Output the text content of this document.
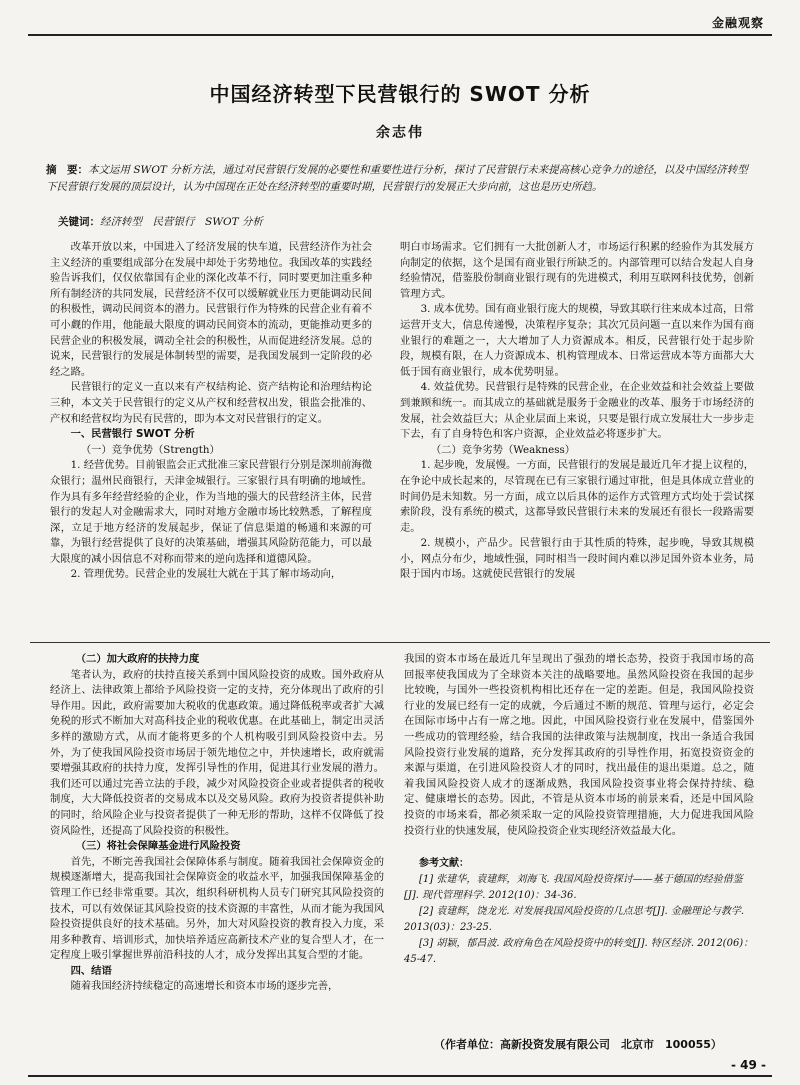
金融观察
中国经济转型下民营银行的 SWOT 分析
余志伟
摘　要：本文运用 SWOT 分析方法，通过对民营银行发展的必要性和重要性进行分析，探讨了民营银行未来提高核心竞争力的途径，以及中国经济转型下民营银行发展的顶层设计，认为中国现在正处在经济转型的重要时期，民营银行的发展正大步向前，这也是历史所趋。
关键词：经济转型　民营银行　SWOT 分析

改革开放以来，中国进入了经济发展的快车道，民营经济作为社会主义经济的重要组成部分在发展中却处于劣势地位。我国改革的实践经验告诉我们，仅仅依靠国有企业的深化改革不行，同时要更加注重多种所有制经济的共同发展，民营经济不仅可以缓解就业压力更能调动民间的积极性，调动民间资本的潜力。民营银行作为特殊的民营企业有着不可小觑的作用，他能最大限度的调动民间资本的流动，更能推动更多的民营企业的积极发展，调动全社会的积极性，从而促进经济发展。总的说来，民营银行的发展是体制转型的需要，是我国发展到一定阶段的必经之路。

民营银行的定义一直以来有产权结构论、资产结构论和治理结构论三种，本文关于民营银行的定义从产权和经营权出发，银监会批准的、产权和经营权均为民有民营的，即为本文对民营银行的定义。

一、民营银行 SWOT 分析
（一）竞争优势（Strength）

1. 经营优势。目前银监会正式批准三家民营银行分别是深圳前海微众银行；温州民商银行，天津金城银行。三家银行具有明确的地域性。作为具有多年经营经验的企业，作为当地的强大的民营经济主体，民营银行的发起人对金融需求大，同时对地方金融市场比较熟悉，了解程度深，立足于地方经济的发展起步，保证了信息渠道的畅通和来源的可靠，为银行经营提供了良好的决策基础，增强其风险防范能力，可以最大限度的减小因信息不对称而带来的逆向选择和道德风险。

2. 管理优势。民营企业的发展壮大就在于其了解市场动向，

明白市场需求。它们拥有一大批创新人才，市场运行积累的经验作为其发展方向制定的依据，这个是国有商业银行所缺乏的。内部管理可以结合发起人自身经验情况，借鉴股份制商业银行现有的先进模式，利用互联网科技优势，创新管理方式。

3. 成本优势。国有商业银行庞大的规模，导致其联行往来成本过高，日常运营开支大，信息传递慢，决策程序复杂；其次冗员问题一直以来作为国有商业银行的难题之一，大大增加了人力资源成本。相反，民营银行处于起步阶段，规模有限，在人力资源成本、机构管理成本、日常运营成本等方面都大大低于国有商业银行，成本优势明显。

4. 效益优势。民营银行是特殊的民营企业，在企业效益和社会效益上要做到兼顾和统一。而其成立的基础就是服务于金融业的改革、服务于市场经济的发展，社会效益巨大；从企业层面上来说，只要是银行成立发展壮大一步步走下去，有了自身特色和客户资源，企业效益必将逐步扩大。

（二）竞争劣势（Weakness）

1. 起步晚，发展慢。一方面，民营银行的发展是最近几年才提上议程的，在争论中成长起来的，尽管现在已有三家银行通过审批，但是具体成立营业的时间仍是未知数。另一方面，成立以后具体的运作方式管理方式均处于尝试探索阶段，没有系统的模式，这都导致民营银行未来的发展还有很长一段路需要走。

2. 规模小，产品少。民营银行由于其性质的特殊，起步晚，导致其规模小，网点分布少，地域性强，同时相当一段时间内难以涉足国外资本业务，局限于国内市场。这就使民营银行的发展

（二）加大政府的扶持力度

笔者认为，政府的扶持直接关系到中国风险投资的成败。国外政府从经济上、法律政策上都给予风险投资一定的支持，充分体现出了政府的引导作用。因此，政府需要加大税收的优惠政策。通过降低税率或者扩大减免税的形式不断加大对高科技企业的税收优惠。在此基础上，制定出灵活多样的激励方式，从而才能将更多的个人机构吸引到风险投资中去。另外，为了使我国风险投资市场居于领先地位之中，并快速增长，政府就需要增强其政府的扶持力度，发挥引导性的作用，促进其行业发展的潜力。我们还可以通过完善立法的手段，减少对风险投资企业或者提供者的税收制度，大大降低投资者的交易成本以及交易风险。政府为投资者提供补助的同时，给风险企业与投资者提供了一种无形的帮助，这样不仅降低了投资风险性，还提高了风险投资的积极性。

（三）将社会保障基金进行风险投资

首先，不断完善我国社会保障体系与制度。随着我国社会保障资金的规模逐渐增大，提高我国社会保障资金的收益水平，加强我国保障基金的管理工作已经非常重要。其次，组织科研机构人员专门研究其风险投资的技术，可以有效保证其风险投资的技术资源的丰富性，从而才能为我国风险投资提供良好的技术基础。另外，加大对风险投资的教育投入力度，采用多种教育、培训形式，加快培养适应高新技术产业的复合型人才，在一定程度上吸引掌握世界前沿科技的人才，成分发挥出其复合型的才能。

四、结语

随着我国经济持续稳定的高速增长和资本市场的逐步完善，

我国的资本市场在最近几年呈现出了强劲的增长态势，投资于我国市场的高回报率使我国成为了全球资本关注的战略要地。虽然风险投资在我国的起步比较晚，与国外一些投资机构相比还存在一定的差距。但是，我国风险投资行业的发展已经有一定的成就，今后通过不断的规范、管理与运行，必定会在国际市场中占有一席之地。因此，中国风险投资行业在发展中，借鉴国外一些成功的管理经验，结合我国的法律政策与法规制度，找出一条适合我国风险投资行业发展的道路，充分发挥其政府的引导性作用，拓宽投资资金的来源与渠道，在引进风险投资人才的同时，找出最佳的退出渠道。总之，随着我国风险投资人成才的逐渐成熟，我国风险投资事业将会保持持续、稳定、健康增长的态势。因此，不管是从资本市场的前景来看，还是中国风险投资的市场来看，都必须采取一定的风险投资管理措施，大力促进我国风险投资行业的快速发展，使风险投资企业实现经济效益最大化。

参考文献：

[1] 张建华，袁建辉，刘海飞. 我国风险投资探讨——基于德国的经验借鉴[J]. 现代管理科学. 2012(10)：34-36.

[2] 袁建辉，饶龙光. 对发展我国风险投资的几点思考[J]. 金融理论与教学. 2013(03)：23-25.

[3] 胡颖，郁昌波. 政府角色在风险投资中的转变[J]. 特区经济. 2012(06)：45-47.

（作者单位：高新投资发展有限公司　北京市　100055）
- 49 -
